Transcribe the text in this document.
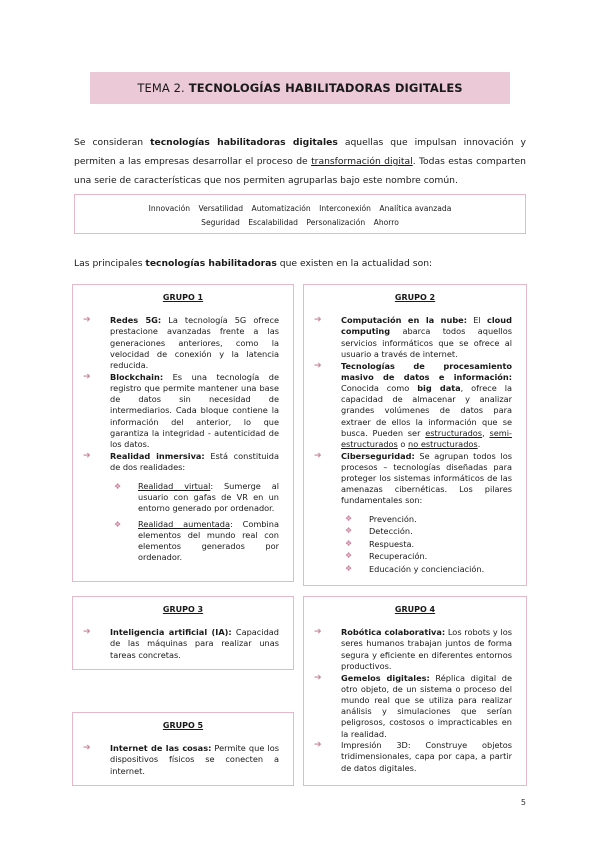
TEMA 2. TECNOLOGÍAS HABILITADORAS DIGITALES
Se consideran tecnologías habilitadoras digitales aquellas que impulsan innovación y permiten a las empresas desarrollar el proceso de transformación digital. Todas estas comparten una serie de características que nos permiten agruparlas bajo este nombre común.
Innovación Versatilidad Automatización Interconexión Analítica avanzada
Seguridad Escalabilidad Personalización Ahorro
Las principales tecnologías habilitadoras que existen en la actualidad son:
GRUPO 1
➔ Redes 5G: La tecnología 5G ofrece prestacione avanzadas frente a las generaciones anteriores, como la velocidad de conexión y la latencia reducida.
➔ Blockchain: Es una tecnología de registro que permite mantener una base de datos sin necesidad de intermediarios. Cada bloque contiene la información del anterior, lo que garantiza la integridad - autenticidad de los datos.
➔ Realidad inmersiva: Está constituida de dos realidades:
❖ Realidad virtual: Sumerge al usuario con gafas de VR en un entorno generado por ordenador.
❖ Realidad aumentada: Combina elementos del mundo real con elementos generados por ordenador.
GRUPO 2
➔ Computación en la nube: El cloud computing abarca todos aquellos servicios informáticos que se ofrece al usuario a través de internet.
➔ Tecnologías de procesamiento masivo de datos e información: Conocida como big data, ofrece la capacidad de almacenar y analizar grandes volúmenes de datos para extraer de ellos la información que se busca. Pueden ser estructurados, semi-estructurados o no estructurados.
➔ Ciberseguridad: Se agrupan todos los procesos – tecnologías diseñadas para proteger los sistemas informáticos de las amenazas cibernéticas. Los pilares fundamentales son:
❖ Prevención.
❖ Detección.
❖ Respuesta.
❖ Recuperación.
❖ Educación y concienciación.
GRUPO 3
➔ Inteligencia artificial (IA): Capacidad de las máquinas para realizar unas tareas concretas.
GRUPO 5
➔ Internet de las cosas: Permite que los dispositivos físicos se conecten a internet.
GRUPO 4
➔ Robótica colaborativa: Los robots y los seres humanos trabajan juntos de forma segura y eficiente en diferentes entornos productivos.
➔ Gemelos digitales: Réplica digital de otro objeto, de un sistema o proceso del mundo real que se utiliza para realizar análisis y simulaciones que serían peligrosos, costosos o impracticables en la realidad.
➔ Impresión 3D: Construye objetos tridimensionales, capa por capa, a partir de datos digitales.
5
